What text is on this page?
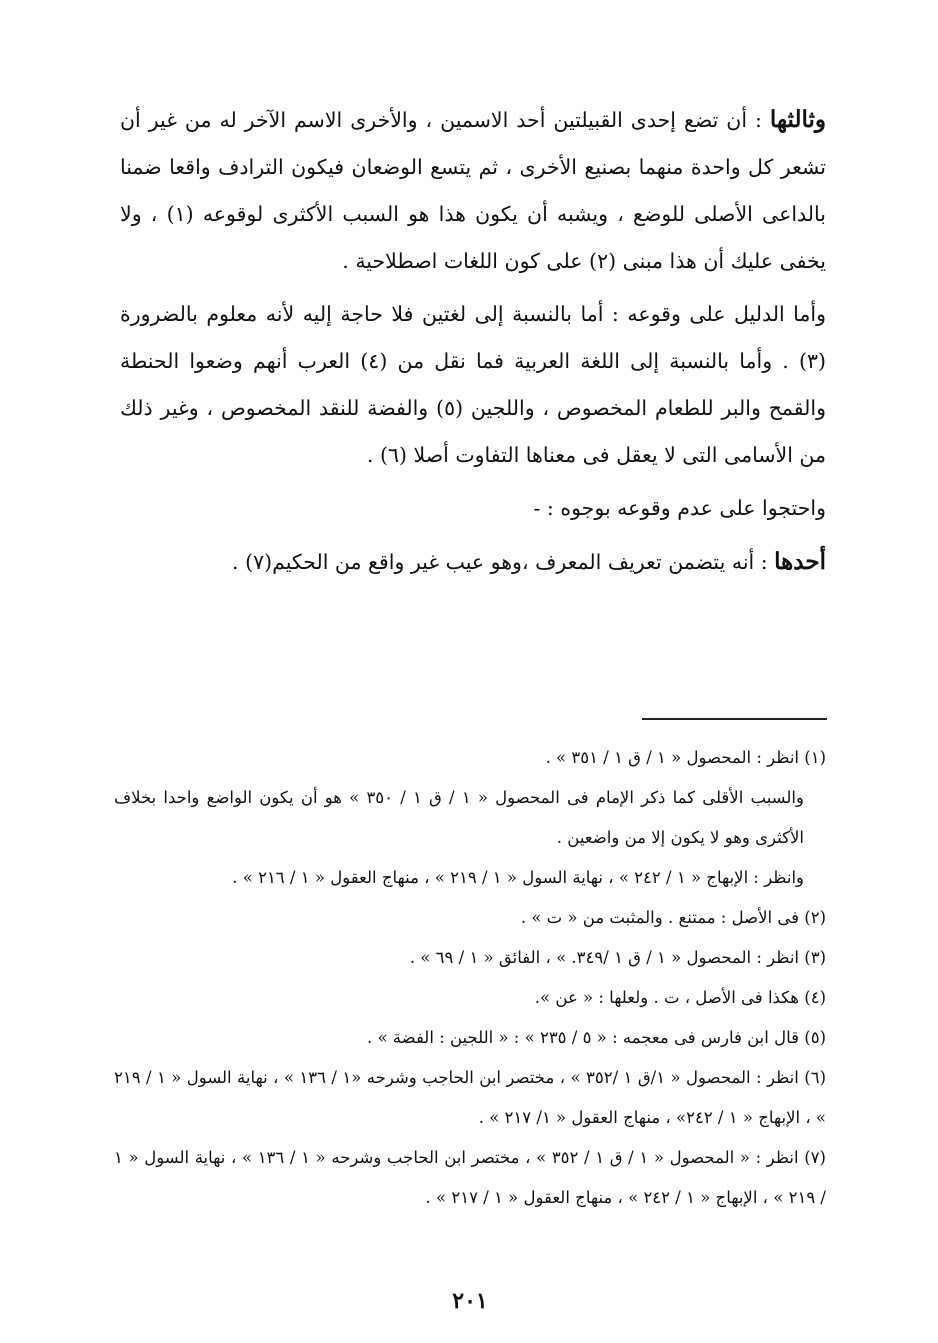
وثالثها : أن تضع إحدى القبيلتين أحد الاسمين ، والأخرى الاسم الآخر له من غير أن تشعر كل واحدة منهما بصنيع الأخرى ، ثم يتسع الوضعان فيكون الترادف واقعا ضمنا بالداعى الأصلى للوضع ، ويشبه أن يكون هذا هو السبب الأكثرى لوقوعه (١) ، ولا يخفى عليك أن هذا مبنى (٢) على كون اللغات اصطلاحية .

وأما الدليل على وقوعه : أما بالنسبة إلى لغتين فلا حاجة إليه لأنه معلوم بالضرورة (٣) . وأما بالنسبة إلى اللغة العربية فما نقل من (٤) العرب أنهم وضعوا الحنطة والقمح والبر للطعام المخصوص ، واللجين (٥) والفضة للنقد المخصوص ، وغير ذلك من الأسامى التى لا يعقل فى معناها التفاوت أصلا (٦) .

واحتجوا على عدم وقوعه بوجوه : -

أحدها : أنه يتضمن تعريف المعرف ،وهو عيب غير واقع من الحكيم(٧) .

(١) انظر : المحصول « ١ / ق ١ / ٣٥١ » .

والسبب الأقلى كما ذكر الإمام فى المحصول « ١ / ق ١ / ٣٥٠ » هو أن يكون الواضع واحدا بخلاف الأكثرى وهو لا يكون إلا من واضعين .

وانظر : الإبهاج « ١ / ٢٤٢ » ، نهاية السول « ١ / ٢١٩ » ، منهاج العقول « ١ / ٢١٦ » .

(٢) فى الأصل : ممتنع . والمثبت من « ت » .

(٣) انظر : المحصول « ١ / ق ١ /٣٤٩. » ، الفائق « ١ / ٦٩ » .

(٤) هكذا فى الأصل ، ت . ولعلها : « عن ».

(٥) قال ابن فارس فى معجمه : « ٥ / ٢٣٥ » : « اللجين : الفضة » .

(٦) انظر : المحصول « ١/ق ١ /٣٥٢ » ، مختصر ابن الحاجب وشرحه «١ / ١٣٦ » ، نهاية السول « ١ / ٢١٩ » ، الإبهاج « ١ / ٢٤٢» ، منهاج العقول « ١/ ٢١٧ » .

(٧) انظر : « المحصول « ١ / ق ١ / ٣٥٢ » ، مختصر ابن الحاجب وشرحه « ١ / ١٣٦ » ، نهاية السول « ١ / ٢١٩ » ، الإبهاج « ١ / ٢٤٢ » ، منهاج العقول « ١ / ٢١٧ » .

٢٠١
